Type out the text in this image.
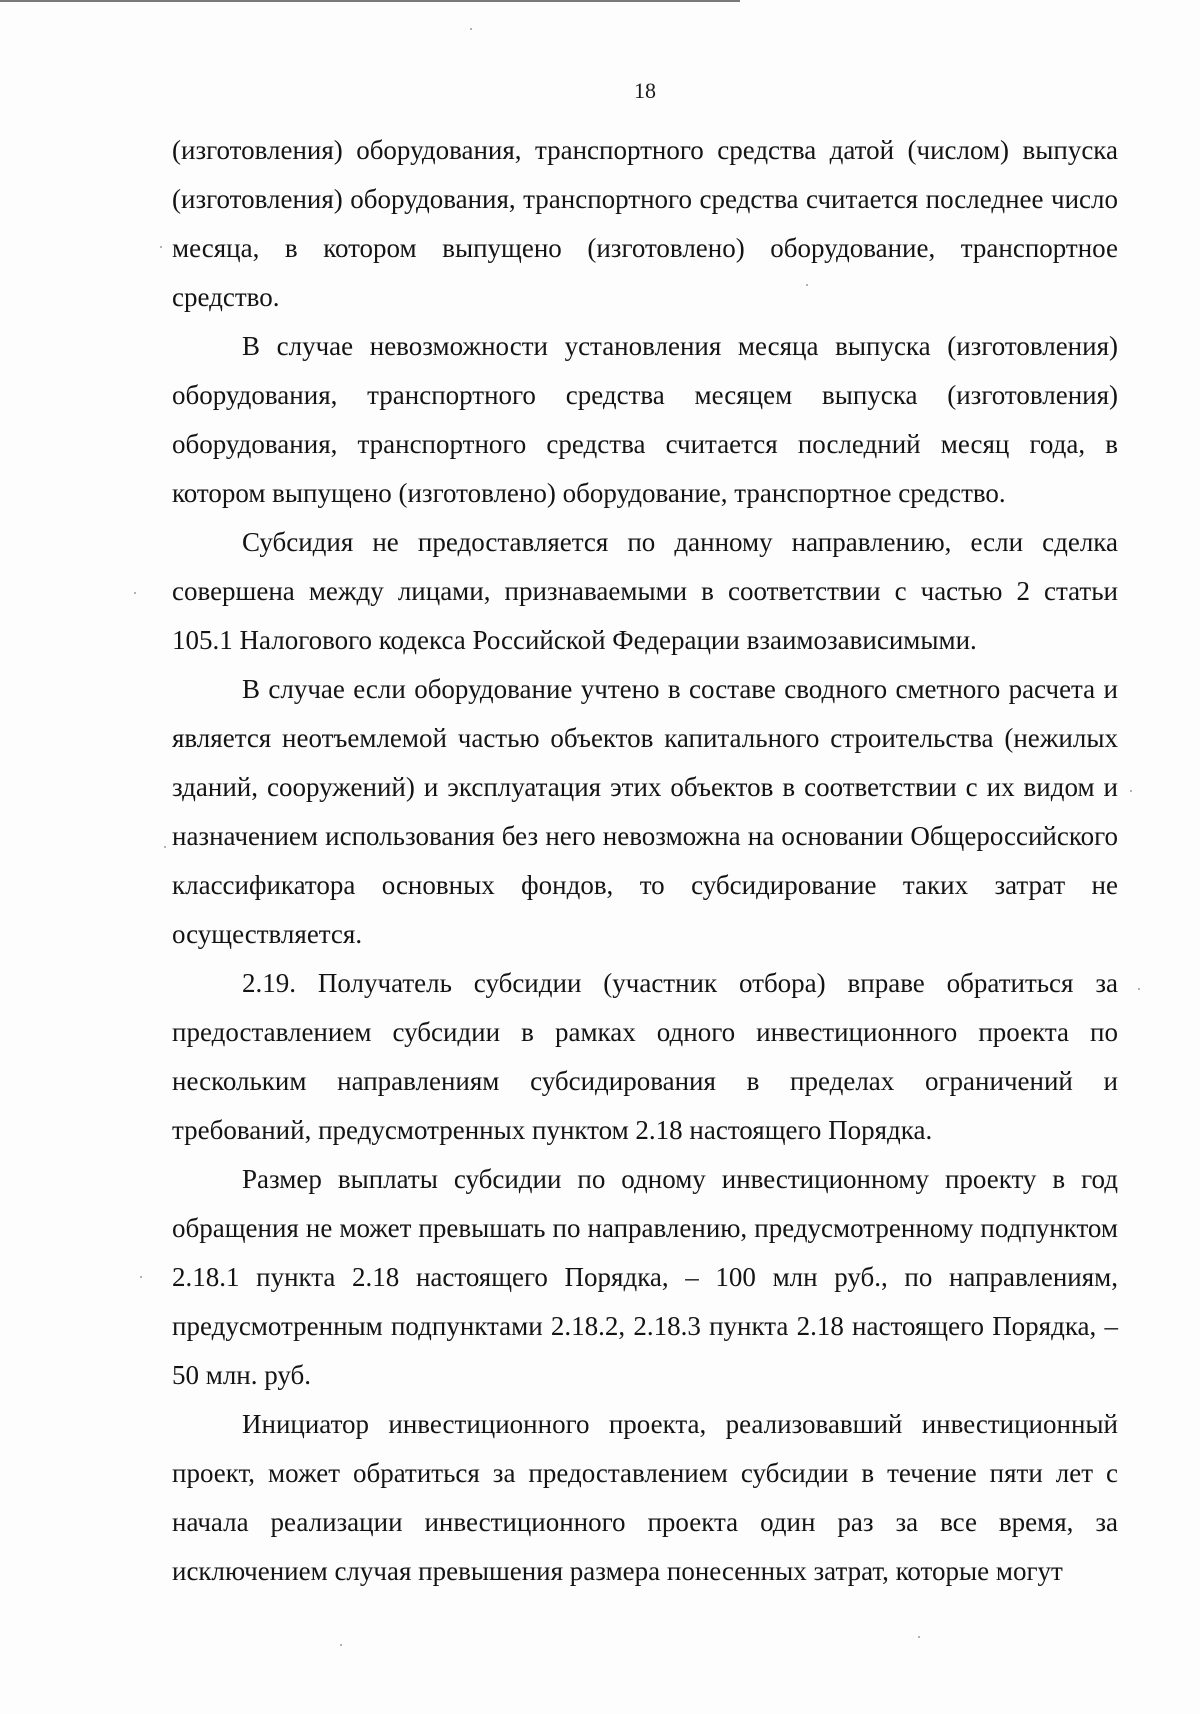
18

(изготовления) оборудования, транспортного средства датой (числом) выпуска (изготовления) оборудования, транспортного средства считается последнее число месяца, в котором выпущено (изготовлено) оборудование, транспортное средство.

В случае невозможности установления месяца выпуска (изготовления) оборудования, транспортного средства месяцем выпуска (изготовления) оборудования, транспортного средства считается последний месяц года, в котором выпущено (изготовлено) оборудование, транспортное средство.

Субсидия не предоставляется по данному направлению, если сделка совершена между лицами, признаваемыми в соответствии с частью 2 статьи 105.1 Налогового кодекса Российской Федерации взаимозависимыми.

В случае если оборудование учтено в составе сводного сметного расчета и является неотъемлемой частью объектов капитального строительства (нежилых зданий, сооружений) и эксплуатация этих объектов в соответствии с их видом и назначением использования без него невозможна на основании Общероссийского классификатора основных фондов, то субсидирование таких затрат не осуществляется.

2.19. Получатель субсидии (участник отбора) вправе обратиться за предоставлением субсидии в рамках одного инвестиционного проекта по нескольким направлениям субсидирования в пределах ограничений и требований, предусмотренных пунктом 2.18 настоящего Порядка.

Размер выплаты субсидии по одному инвестиционному проекту в год обращения не может превышать по направлению, предусмотренному подпунктом 2.18.1 пункта 2.18 настоящего Порядка, – 100 млн руб., по направлениям, предусмотренным подпунктами 2.18.2, 2.18.3 пункта 2.18 настоящего Порядка, – 50 млн. руб.

Инициатор инвестиционного проекта, реализовавший инвестиционный проект, может обратиться за предоставлением субсидии в течение пяти лет с начала реализации инвестиционного проекта один раз за все время, за исключением случая превышения размера понесенных затрат, которые могут
